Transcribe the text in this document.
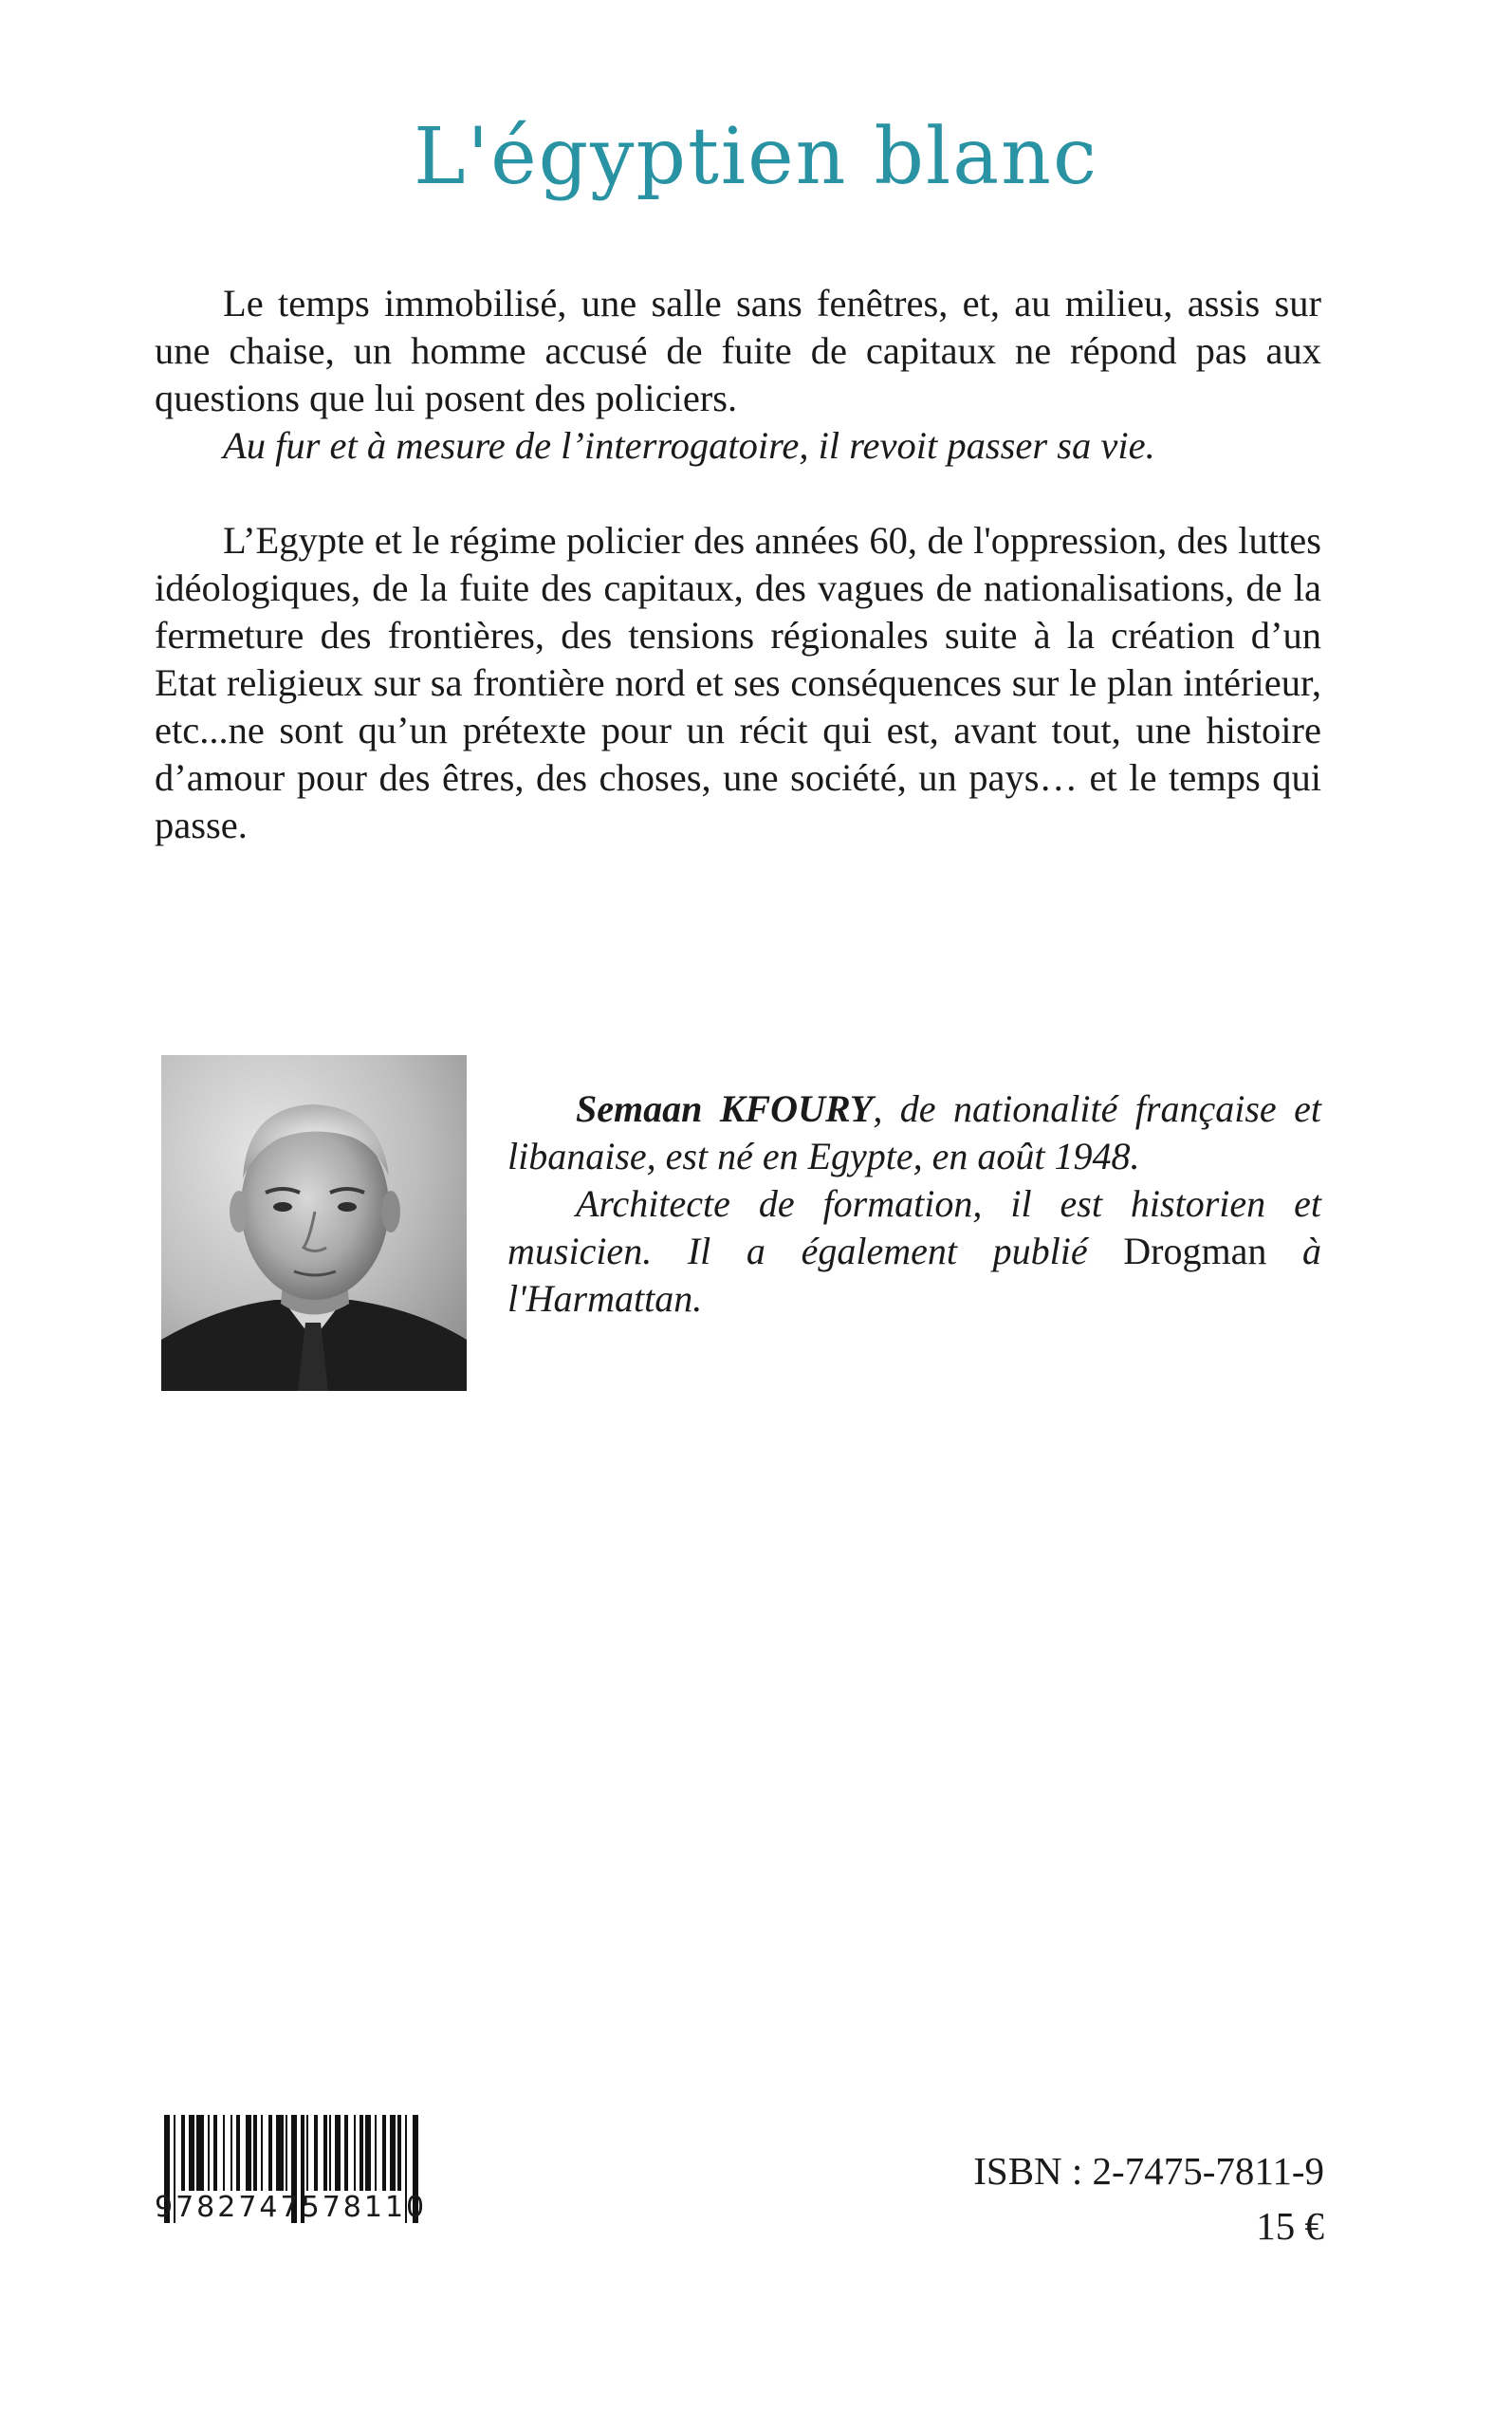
L'égyptien blanc

Le temps immobilisé, une salle sans fenêtres, et, au milieu, assis sur une chaise, un homme accusé de fuite de capitaux ne répond pas aux questions que lui posent des policiers.

Au fur et à mesure de l’interrogatoire, il revoit passer sa vie.

L’Egypte et le régime policier des années 60, de l'oppression, des luttes idéologiques, de la fuite des capitaux, des vagues de nationalisations, de la fermeture des frontières, des tensions régionales suite à la création d’un Etat religieux sur sa frontière nord et ses conséquences sur le plan intérieur, etc...ne sont qu’un prétexte pour un récit qui est, avant tout, une histoire d’amour pour des êtres, des choses, une société, un pays… et le temps qui passe.

Semaan KFOURY, de nationalité française et libanaise, est né en Egypte, en août 1948.

Architecte de formation, il est historien et musicien. Il a également publié Drogman à l'Harmattan.

9782747578110
ISBN : 2-7475-7811-9
15 €
